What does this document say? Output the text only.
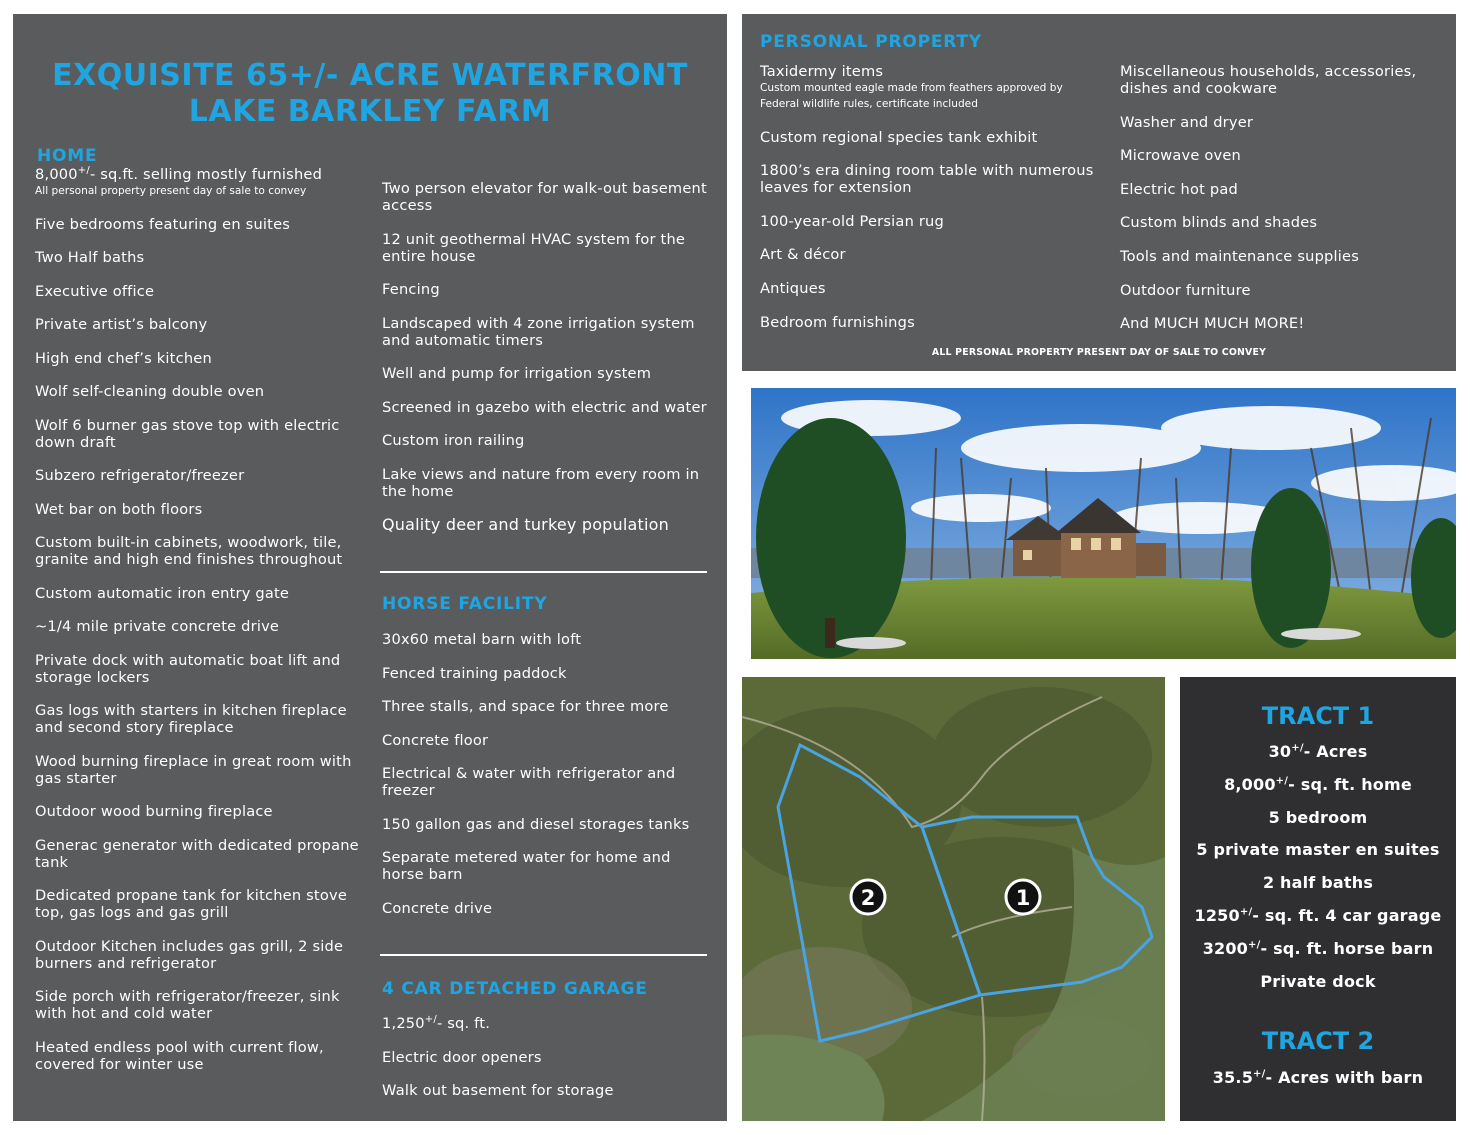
EXQUISITE 65+/- ACRE WATERFRONT
LAKE BARKLEY FARM
HOME
8,000+/- sq.ft. selling mostly furnished
All personal property present day of sale to convey
Five bedrooms featuring en suites
Two Half baths
Executive office
Private artist’s balcony
High end chef’s kitchen
Wolf self-cleaning double oven
Wolf 6 burner gas stove top with electric down draft
Subzero refrigerator/freezer
Wet bar on both floors
Custom built-in cabinets, woodwork, tile, granite and high end finishes throughout
Custom automatic iron entry gate
~1/4 mile private concrete drive
Private dock with automatic boat lift and storage lockers
Gas logs with starters in kitchen fireplace and second story fireplace
Wood burning fireplace in great room with gas starter
Outdoor wood burning fireplace
Generac generator with dedicated propane tank
Dedicated propane tank for kitchen stove top, gas logs and gas grill
Outdoor Kitchen includes gas grill, 2 side burners and refrigerator
Side porch with refrigerator/freezer, sink with hot and cold water
Heated endless pool with current flow, covered for winter use
Two person elevator for walk-out basement access
12 unit geothermal HVAC system for the entire house
Fencing
Landscaped with 4 zone irrigation system and automatic timers
Well and pump for irrigation system
Screened in gazebo with electric and water
Custom iron railing
Lake views and nature from every room in the home
Quality deer and turkey population
HORSE FACILITY
30x60 metal barn with loft
Fenced training paddock
Three stalls, and space for three more
Concrete floor
Electrical & water with refrigerator and freezer
150 gallon gas and diesel storages tanks
Separate metered water for home and horse barn
Concrete drive
4 CAR DETACHED GARAGE
1,250+/- sq. ft.
Electric door openers
Walk out basement for storage
PERSONAL PROPERTY
Taxidermy items
Custom mounted eagle made from feathers approved by Federal wildlife rules, certificate included
Custom regional species tank exhibit
1800’s era dining room table with numerous leaves for extension
100-year-old Persian rug
Art & décor
Antiques
Bedroom furnishings
Miscellaneous households, accessories, dishes and cookware
Washer and dryer
Microwave oven
Electric hot pad
Custom blinds and shades
Tools and maintenance supplies
Outdoor furniture
And MUCH MUCH MORE!

ALL PERSONAL PROPERTY PRESENT DAY OF SALE TO CONVEY

2	1
TRACT 1
30+/- Acres
8,000+/- sq. ft. home
5 bedroom
5 private master en suites
2 half baths
1250+/- sq. ft. 4 car garage
3200+/- sq. ft. horse barn
Private dock
TRACT 2
35.5+/- Acres with barn
